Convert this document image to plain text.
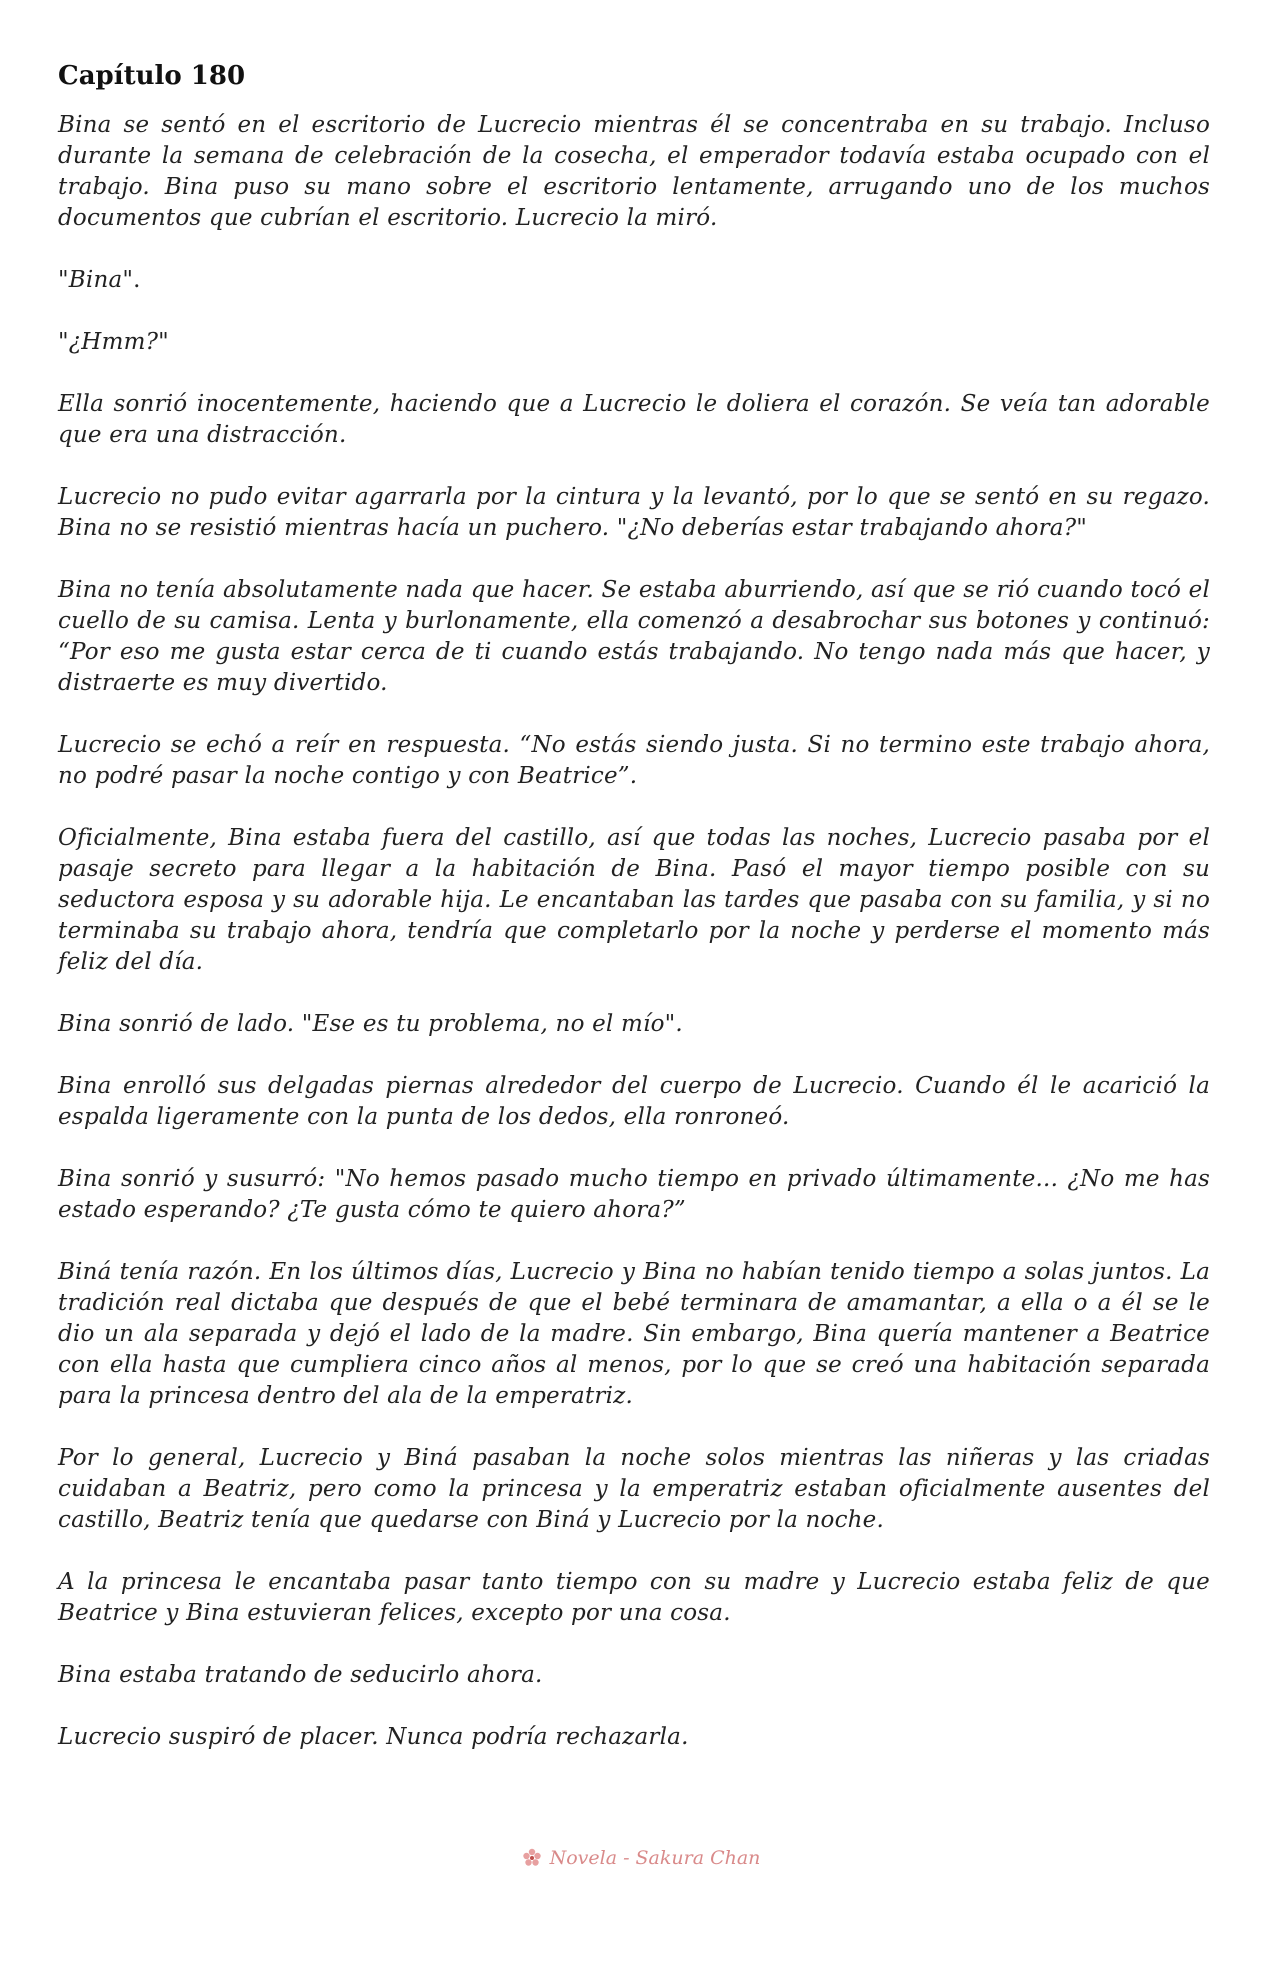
Capítulo 180

Bina se sentó en el escritorio de Lucrecio mientras él se concentraba en su trabajo. Incluso durante la semana de celebración de la cosecha, el emperador todavía estaba ocupado con el trabajo. Bina puso su mano sobre el escritorio lentamente, arrugando uno de los muchos documentos que cubrían el escritorio. Lucrecio la miró.

"Bina".

"¿Hmm?"

Ella sonrió inocentemente, haciendo que a Lucrecio le doliera el corazón. Se veía tan adorable que era una distracción.

Lucrecio no pudo evitar agarrarla por la cintura y la levantó, por lo que se sentó en su regazo. Bina no se resistió mientras hacía un puchero. "¿No deberías estar trabajando ahora?"

Bina no tenía absolutamente nada que hacer. Se estaba aburriendo, así que se rió cuando tocó el cuello de su camisa. Lenta y burlonamente, ella comenzó a desabrochar sus botones y continuó: “Por eso me gusta estar cerca de ti cuando estás trabajando. No tengo nada más que hacer, y distraerte es muy divertido.

Lucrecio se echó a reír en respuesta. “No estás siendo justa. Si no termino este trabajo ahora, no podré pasar la noche contigo y con Beatrice”.

Oficialmente, Bina estaba fuera del castillo, así que todas las noches, Lucrecio pasaba por el pasaje secreto para llegar a la habitación de Bina. Pasó el mayor tiempo posible con su seductora esposa y su adorable hija. Le encantaban las tardes que pasaba con su familia, y si no terminaba su trabajo ahora, tendría que completarlo por la noche y perderse el momento más feliz del día.

Bina sonrió de lado. "Ese es tu problema, no el mío".

Bina enrolló sus delgadas piernas alrededor del cuerpo de Lucrecio. Cuando él le acarició la espalda ligeramente con la punta de los dedos, ella ronroneó.

Bina sonrió y susurró: "No hemos pasado mucho tiempo en privado últimamente... ¿No me has estado esperando? ¿Te gusta cómo te quiero ahora?”

Biná tenía razón. En los últimos días, Lucrecio y Bina no habían tenido tiempo a solas juntos. La tradición real dictaba que después de que el bebé terminara de amamantar, a ella o a él se le dio un ala separada y dejó el lado de la madre. Sin embargo, Bina quería mantener a Beatrice con ella hasta que cumpliera cinco años al menos, por lo que se creó una habitación separada para la princesa dentro del ala de la emperatriz.

Por lo general, Lucrecio y Biná pasaban la noche solos mientras las niñeras y las criadas cuidaban a Beatriz, pero como la princesa y la emperatriz estaban oficialmente ausentes del castillo, Beatriz tenía que quedarse con Biná y Lucrecio por la noche.

A la princesa le encantaba pasar tanto tiempo con su madre y Lucrecio estaba feliz de que Beatrice y Bina estuvieran felices, excepto por una cosa.

Bina estaba tratando de seducirlo ahora.

Lucrecio suspiró de placer. Nunca podría rechazarla.

Novela - Sakura Chan
